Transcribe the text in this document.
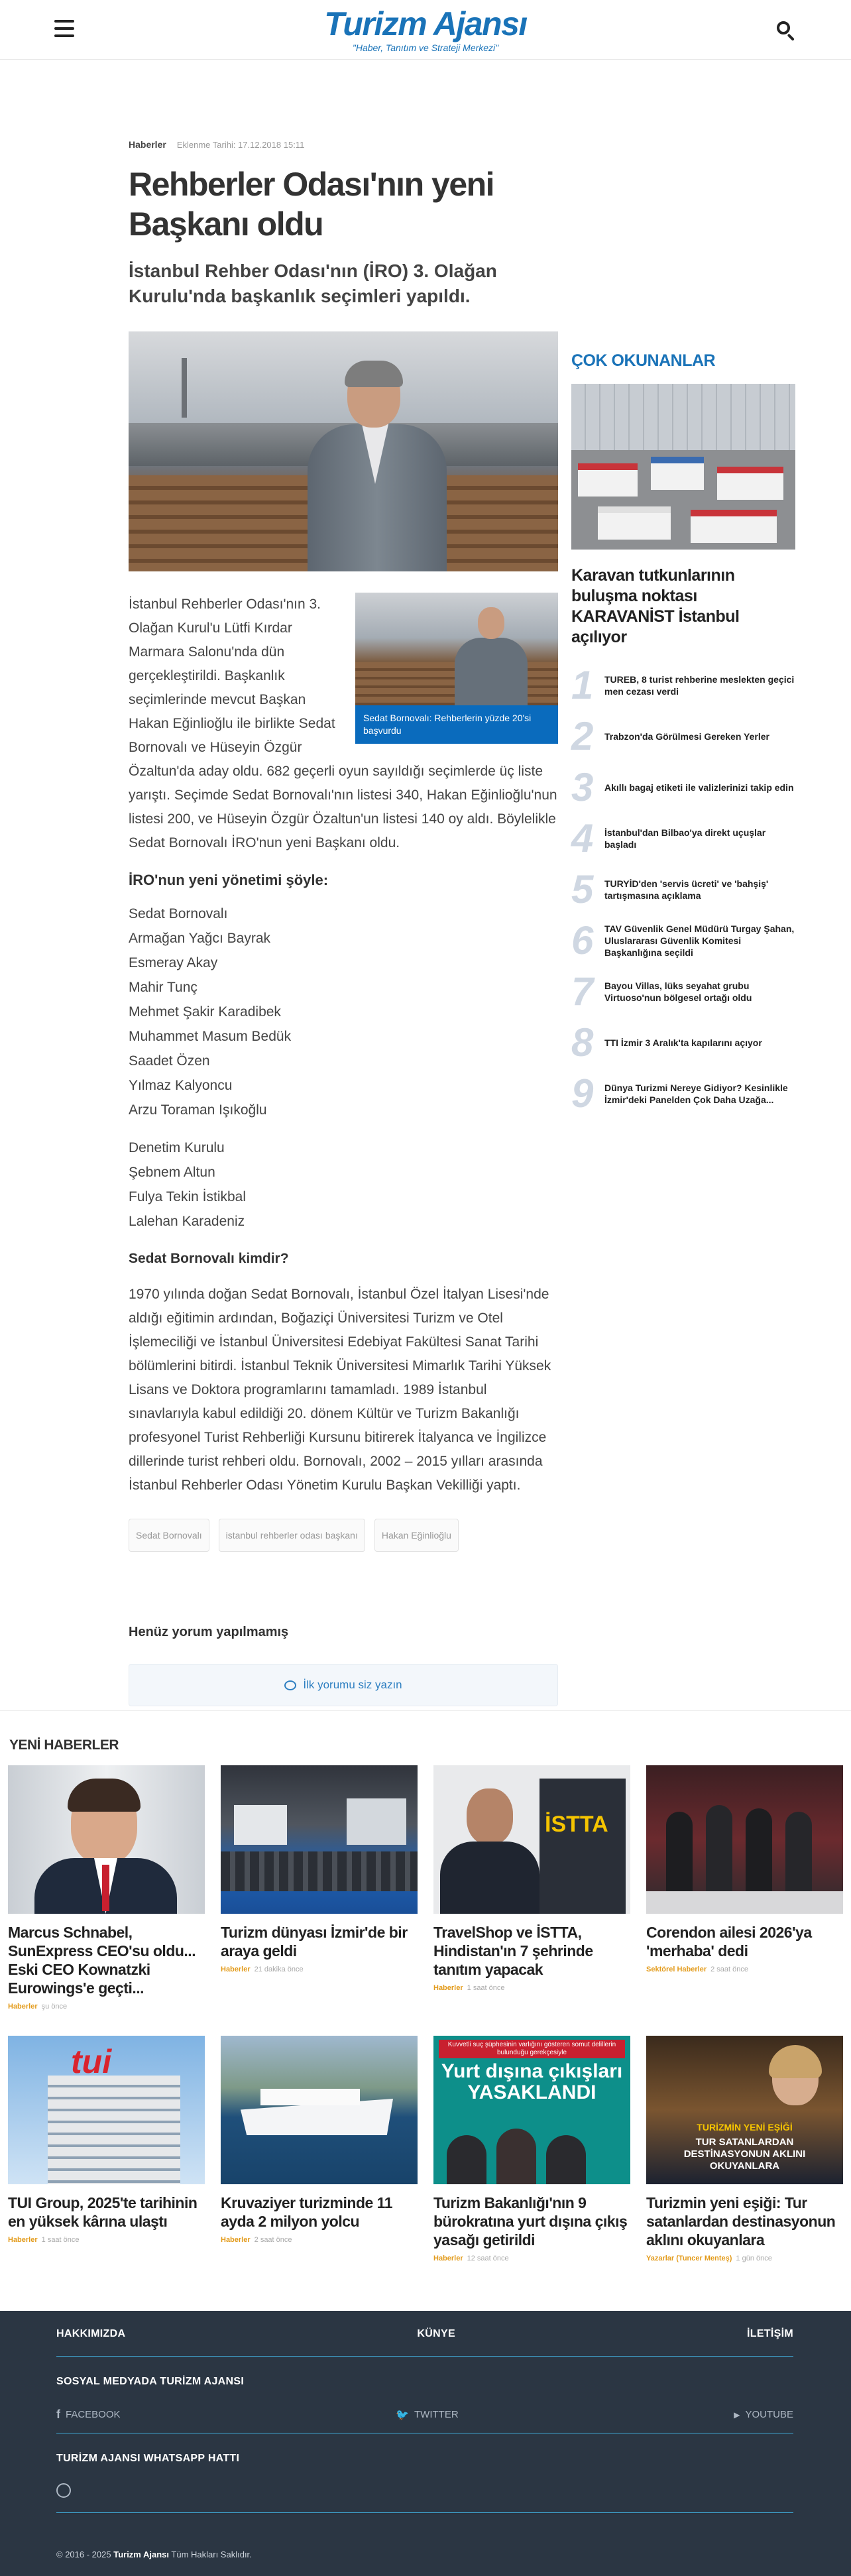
Turizm Ajansı
"Haber, Tanıtım ve Strateji Merkezi"
Haberler Eklenme Tarihi: 17.12.2018 15:11
Rehberler Odası'nın yeni Başkanı oldu
İstanbul Rehber Odası'nın (İRO) 3. Olağan Kurulu'nda başkanlık seçimleri yapıldı.
Sedat Bornovalı: Rehberlerin yüzde 20'si başvurdu

İstanbul Rehberler Odası'nın 3. Olağan Kurul'u Lütfi Kırdar Marmara Salonu'nda dün gerçekleştirildi. Başkanlık seçimlerinde mevcut Başkan Hakan Eğinlioğlu ile birlikte Sedat Bornovalı ve Hüseyin Özgür Özaltun'da aday oldu. 682 geçerli oyun sayıldığı seçimlerde üç liste yarıştı. Seçimde Sedat Bornovalı'nın listesi 340, Hakan Eğinlioğlu'nun listesi 200, ve Hüseyin Özgür Özaltun'un listesi 140 oy aldı. Böylelikle Sedat Bornovalı İRO'nun yeni Başkanı oldu.

İRO'nun yeni yönetimi şöyle:
Sedat Bornovalı
Armağan Yağcı Bayrak
Esmeray Akay
Mahir Tunç
Mehmet Şakir Karadibek
Muhammet Masum Bedük
Saadet Özen
Yılmaz Kalyoncu
Arzu Toraman Işıkoğlu
Denetim Kurulu
Şebnem Altun
Fulya Tekin İstikbal
Lalehan Karadeniz
Sedat Bornovalı kimdir?

1970 yılında doğan Sedat Bornovalı, İstanbul Özel İtalyan Lisesi'nde aldığı eğitimin ardından, Boğaziçi Üniversitesi Turizm ve Otel İşlemeciliği ve İstanbul Üniversitesi Edebiyat Fakültesi Sanat Tarihi bölümlerini bitirdi. İstanbul Teknik Üniversitesi Mimarlık Tarihi Yüksek Lisans ve Doktora programlarını tamamladı. 1989 İstanbul sınavlarıyla kabul edildiği 20. dönem Kültür ve Turizm Bakanlığı profesyonel Turist Rehberliği Kursunu bitirerek İtalyanca ve İngilizce dillerinde turist rehberi oldu. Bornovalı, 2002 – 2015 yılları arasında İstanbul Rehberler Odası Yönetim Kurulu Başkan Vekilliği yaptı.

Sedat Bornovalı	istanbul rehberler odası başkanı	Hakan Eğinlioğlu
Henüz yorum yapılmamış
İlk yorumu siz yazın
ÇOK OKUNANLAR
Karavan tutkunlarının buluşma noktası KARAVANİST İstanbul açılıyor
1 TUREB, 8 turist rehberine meslekten geçici men cezası verdi
2 Trabzon'da Görülmesi Gereken Yerler
3 Akıllı bagaj etiketi ile valizlerinizi takip edin
4 İstanbul'dan Bilbao'ya direkt uçuşlar başladı
5 TURYİD'den 'servis ücreti' ve 'bahşiş' tartışmasına açıklama
6 TAV Güvenlik Genel Müdürü Turgay Şahan, Uluslararası Güvenlik Komitesi Başkanlığına seçildi
7 Bayou Villas, lüks seyahat grubu Virtuoso'nun bölgesel ortağı oldu
8 TTI İzmir 3 Aralık'ta kapılarını açıyor
9 Dünya Turizmi Nereye Gidiyor? Kesinlikle İzmir'deki Panelden Çok Daha Uzağa...
YENİ HABERLER
Marcus Schnabel, SunExpress CEO'su oldu... Eski CEO Kownatzki Eurowings'e geçti...
Haberler şu önce
Turizm dünyası İzmir'de bir araya geldi
Haberler 21 dakika önce
İSTTA
TravelShop ve İSTTA, Hindistan'ın 7 şehrinde tanıtım yapacak
Haberler 1 saat önce
Corendon ailesi 2026'ya 'merhaba' dedi
Sektörel Haberler 2 saat önce
tui
TUI Group, 2025'te tarihinin en yüksek kârına ulaştı
Haberler 1 saat önce
Kruvaziyer turizminde 11 ayda 2 milyon yolcu
Haberler 2 saat önce
Kuvvetli suç şüphesinin varlığını gösteren somut delillerin bulunduğu gerekçesiyle
Yurt dışına çıkışları YASAKLANDI
Turizm Bakanlığı'nın 9 bürokratına yurt dışına çıkış yasağı getirildi
Haberler 12 saat önce
TURİZMİN YENİ EŞİĞİ
TUR SATANLARDAN DESTİNASYONUN AKLINI OKUYANLARA
Turizmin yeni eşiği: Tur satanlardan destinasyonun aklını okuyanlara
Yazarlar (Tuncer Menteş) 1 gün önce
HAKKIMIZDA	KÜNYE	İLETİŞİM
SOSYAL MEDYADA TURİZM AJANSI
f FACEBOOK	🐦 TWITTER	▶ YOUTUBE
TURİZM AJANSI WHATSAPP HATTI
© 2016 - 2025 Turizm Ajansı Tüm Hakları Saklıdır.
